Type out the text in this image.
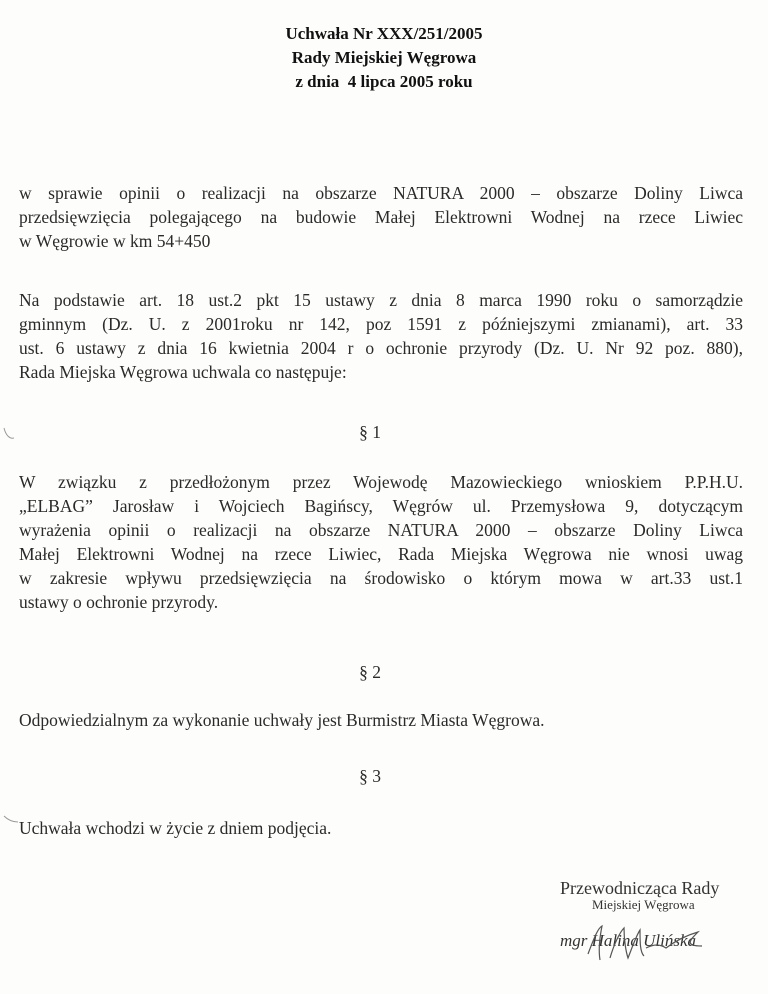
Uchwała Nr XXX/251/2005
Rady Miejskiej Węgrowa
z dnia  4 lipca 2005 roku
w sprawie opinii o realizacji na obszarze NATURA 2000 – obszarze Doliny Liwca
przedsięwzięcia polegającego na budowie Małej Elektrowni Wodnej na rzece Liwiec
w Węgrowie w km 54+450
Na podstawie art. 18 ust.2 pkt 15 ustawy z dnia 8 marca 1990 roku o samorządzie
gminnym (Dz. U. z 2001roku nr 142, poz 1591 z późniejszymi zmianami), art. 33
ust. 6 ustawy z dnia 16 kwietnia 2004 r o ochronie przyrody (Dz. U. Nr 92 poz. 880),
Rada Miejska Węgrowa uchwala co następuje:
§ 1
W związku z przedłożonym przez Wojewodę Mazowieckiego wnioskiem P.P.H.U.
„ELBAG” Jarosław i Wojciech Bagińscy, Węgrów ul. Przemysłowa 9, dotyczącym
wyrażenia opinii o realizacji na obszarze NATURA 2000 – obszarze Doliny Liwca
Małej Elektrowni Wodnej na rzece Liwiec, Rada Miejska Węgrowa nie wnosi uwag
w zakresie wpływu przedsięwzięcia na środowisko o którym mowa w art.33 ust.1
ustawy o ochronie przyrody.
§ 2
Odpowiedzialnym za wykonanie uchwały jest Burmistrz Miasta Węgrowa.
§ 3
Uchwała wchodzi w życie z dniem podjęcia.
Przewodnicząca Rady
Miejskiej Węgrowa
mgr Halina Ulińska
